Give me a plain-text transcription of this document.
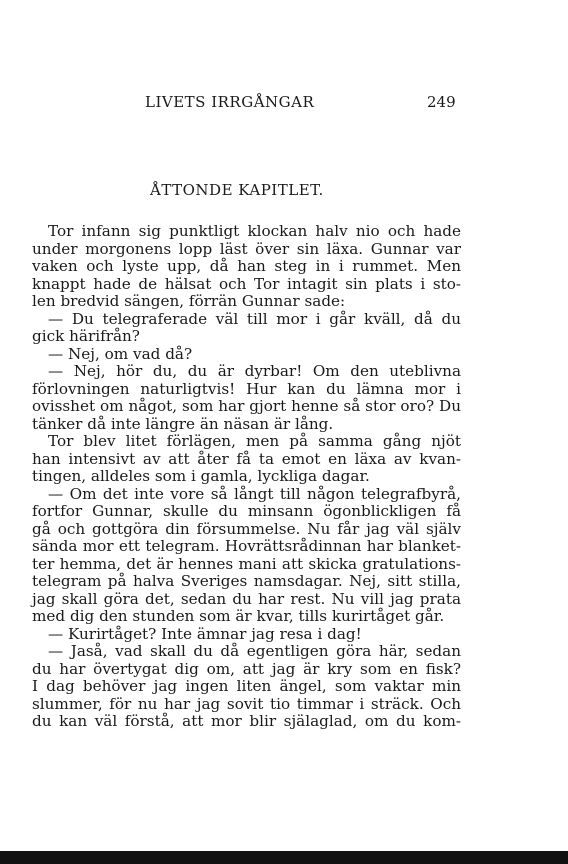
LIVETS IRRGÅNGAR	249
ÅTTONDE KAPITLET.
Tor infann sig punktligt klockan halv nio och hade
under morgonens lopp läst över sin läxa. Gunnar var
vaken och lyste upp, då han steg in i rummet. Men
knappt hade de hälsat och Tor intagit sin plats i sto-
len bredvid sängen, förrän Gunnar sade:
— Du telegraferade väl till mor i går kväll, då du
gick härifrån?
— Nej, om vad då?
— Nej, hör du, du är dyrbar! Om den uteblivna
förlovningen naturligtvis! Hur kan du lämna mor i
ovisshet om något, som har gjort henne så stor oro? Du
tänker då inte längre än näsan är lång.
Tor blev litet förlägen, men på samma gång njöt
han intensivt av att åter få ta emot en läxa av kvan-
tingen, alldeles som i gamla, lyckliga dagar.
— Om det inte vore så långt till någon telegrafbyrå,
fortfor Gunnar, skulle du minsann ögonblickligen få
gå och gottgöra din försummelse. Nu får jag väl själv
sända mor ett telegram. Hovrättsrådinnan har blanket-
ter hemma, det är hennes mani att skicka gratulations-
telegram på halva Sveriges namsdagar. Nej, sitt stilla,
jag skall göra det, sedan du har rest. Nu vill jag prata
med dig den stunden som är kvar, tills kurirtåget går.
— Kurirtåget? Inte ämnar jag resa i dag!
— Jaså, vad skall du då egentligen göra här, sedan
du har övertygat dig om, att jag är kry som en fisk?
I dag behöver jag ingen liten ängel, som vaktar min
slummer, för nu har jag sovit tio timmar i sträck. Och
du kan väl förstå, att mor blir själaglad, om du kom-
